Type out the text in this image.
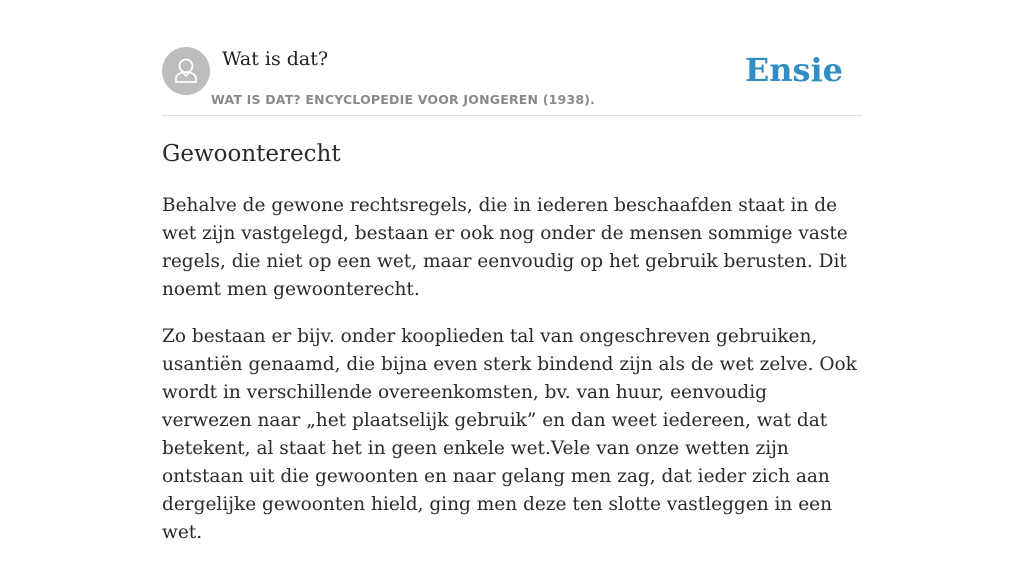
Wat is dat?
WAT IS DAT? ENCYCLOPEDIE VOOR JONGEREN (1938).
Ensie
Gewoonterecht

Behalve de gewone rechtsregels, die in iederen beschaafden staat in de wet zijn vastgelegd, bestaan er ook nog onder de mensen sommige vaste regels, die niet op een wet, maar eenvoudig op het gebruik berusten. Dit noemt men gewoonterecht.

Zo bestaan er bijv. onder kooplieden tal van ongeschreven gebruiken, usantiën genaamd, die bijna even sterk bindend zijn als de wet zelve. Ook wordt in verschillende overeenkomsten, bv. van huur, eenvoudig verwezen naar „het plaatselijk gebruik” en dan weet iedereen, wat dat betekent, al staat het in geen enkele wet.Vele van onze wetten zijn ontstaan uit die gewoonten en naar gelang men zag, dat ieder zich aan dergelijke gewoonten hield, ging men deze ten slotte vastleggen in een wet.
